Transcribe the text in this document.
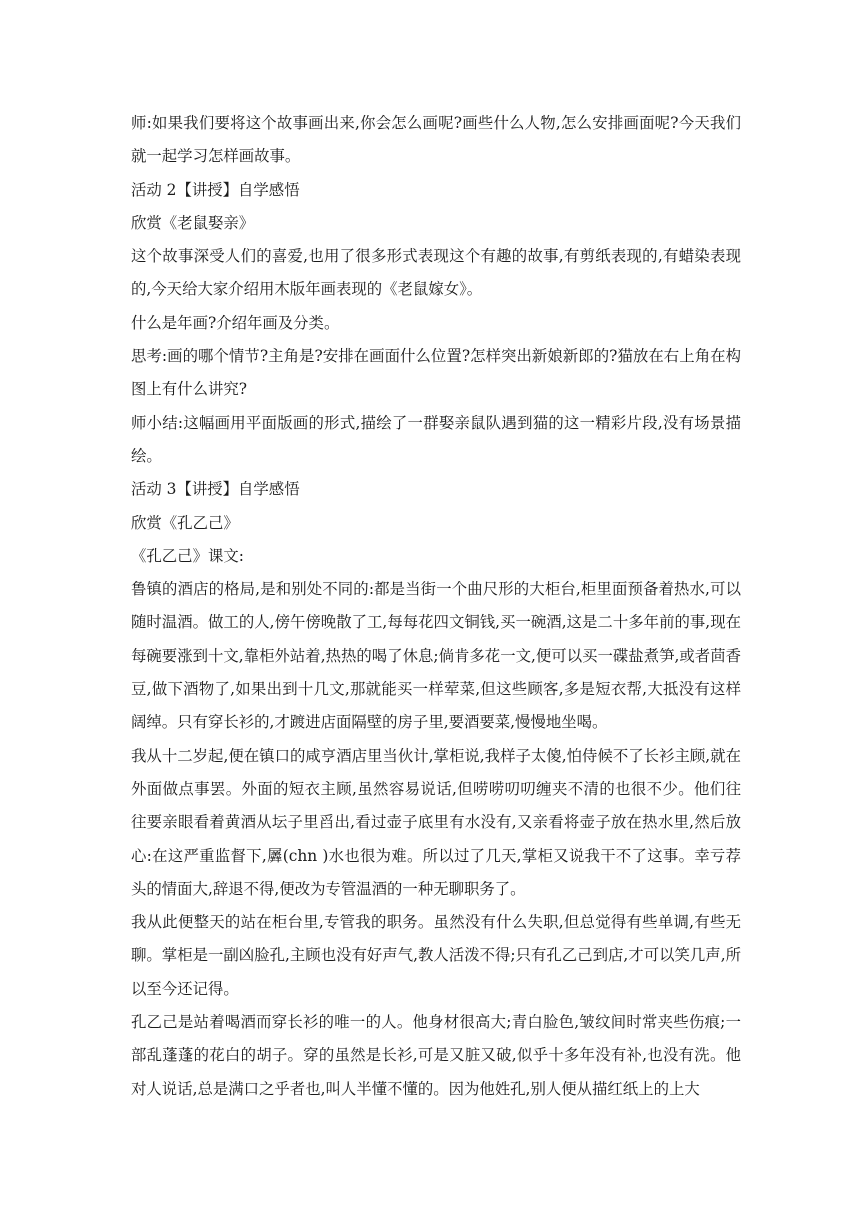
师:如果我们要将这个故事画出来,你会怎么画呢?画些什么人物,怎么安排画面呢?今天我们就一起学习怎样画故事。

活动 2【讲授】自学感悟

欣赏《老鼠娶亲》

这个故事深受人们的喜爱,也用了很多形式表现这个有趣的故事,有剪纸表现的,有蜡染表现的,今天给大家介绍用木版年画表现的《老鼠嫁女》。

什么是年画?介绍年画及分类。

思考:画的哪个情节?主角是?安排在画面什么位置?怎样突出新娘新郎的?猫放在右上角在构图上有什么讲究?

师小结:这幅画用平面版画的形式,描绘了一群娶亲鼠队遇到猫的这一精彩片段,没有场景描绘。

活动 3【讲授】自学感悟

欣赏《孔乙己》

《孔乙己》课文:

鲁镇的酒店的格局,是和别处不同的:都是当街一个曲尺形的大柜台,柜里面预备着热水,可以随时温酒。做工的人,傍午傍晚散了工,每每花四文铜钱,买一碗酒,这是二十多年前的事,现在每碗要涨到十文,靠柜外站着,热热的喝了休息;倘肯多花一文,便可以买一碟盐煮笋,或者茴香豆,做下酒物了,如果出到十几文,那就能买一样荤菜,但这些顾客,多是短衣帮,大抵没有这样阔绰。只有穿长衫的,才踱进店面隔壁的房子里,要酒要菜,慢慢地坐喝。

我从十二岁起,便在镇口的咸亨酒店里当伙计,掌柜说,我样子太傻,怕侍候不了长衫主顾,就在外面做点事罢。外面的短衣主顾,虽然容易说话,但唠唠叨叨缠夹不清的也很不少。他们往往要亲眼看着黄酒从坛子里舀出,看过壶子底里有水没有,又亲看将壶子放在热水里,然后放心:在这严重监督下,羼(chn )水也很为难。所以过了几天,掌柜又说我干不了这事。幸亏荐头的情面大,辞退不得,便改为专管温酒的一种无聊职务了。

我从此便整天的站在柜台里,专管我的职务。虽然没有什么失职,但总觉得有些单调,有些无聊。掌柜是一副凶脸孔,主顾也没有好声气,教人活泼不得;只有孔乙己到店,才可以笑几声,所以至今还记得。

孔乙己是站着喝酒而穿长衫的唯一的人。他身材很高大;青白脸色,皱纹间时常夹些伤痕;一部乱蓬蓬的花白的胡子。穿的虽然是长衫,可是又脏又破,似乎十多年没有补,也没有洗。他对人说话,总是满口之乎者也,叫人半懂不懂的。因为他姓孔,别人便从描红纸上的上大
